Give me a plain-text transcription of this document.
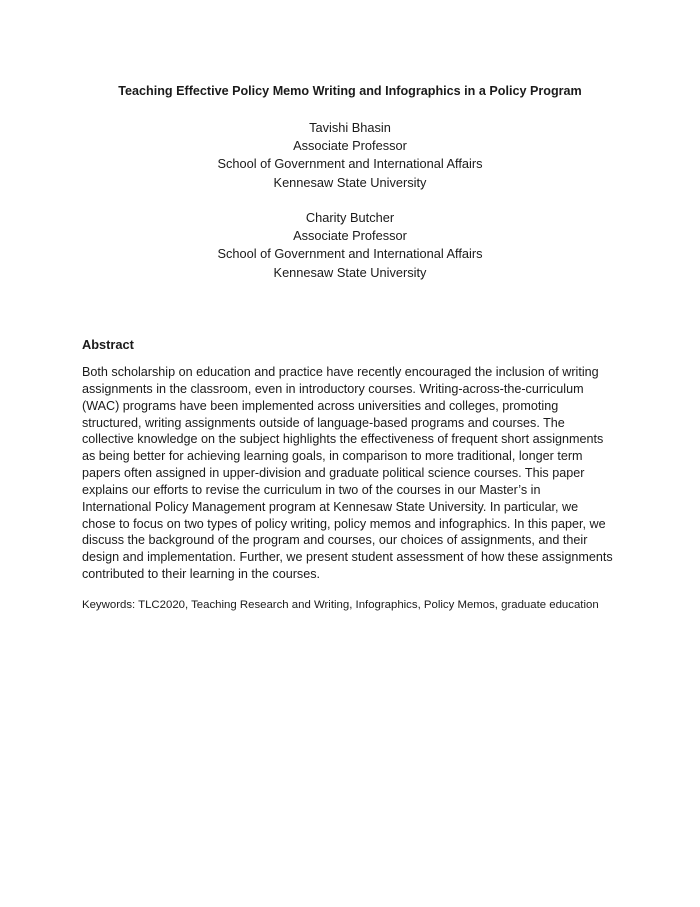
Teaching Effective Policy Memo Writing and Infographics in a Policy Program
Tavishi Bhasin
Associate Professor
School of Government and International Affairs
Kennesaw State University
Charity Butcher
Associate Professor
School of Government and International Affairs
Kennesaw State University
Abstract
Both scholarship on education and practice have recently encouraged the inclusion of writing
assignments in the classroom, even in introductory courses. Writing-across-the-curriculum
(WAC) programs have been implemented across universities and colleges, promoting
structured, writing assignments outside of language-based programs and courses. The
collective knowledge on the subject highlights the effectiveness of frequent short assignments
as being better for achieving learning goals, in comparison to more traditional, longer term
papers often assigned in upper-division and graduate political science courses. This paper
explains our efforts to revise the curriculum in two of the courses in our Master’s in
International Policy Management program at Kennesaw State University. In particular, we
chose to focus on two types of policy writing, policy memos and infographics. In this paper, we
discuss the background of the program and courses, our choices of assignments, and their
design and implementation. Further, we present student assessment of how these assignments
contributed to their learning in the courses.
Keywords: TLC2020, Teaching Research and Writing, Infographics, Policy Memos, graduate education
